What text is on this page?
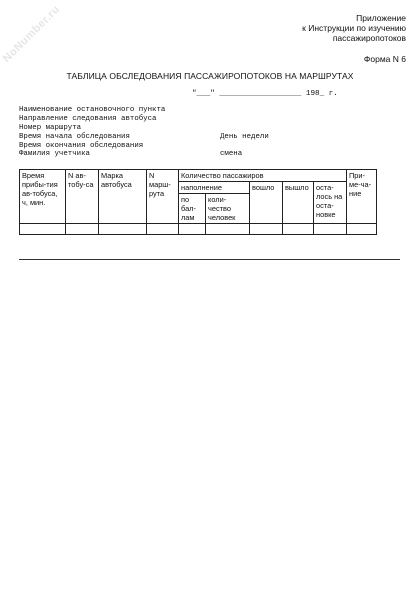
NoNumber.ru	Приложение
к Инструкции по изучению
пассажиропотоков
Форма N 6
ТАБЛИЦА ОБСЛЕДОВАНИЯ ПАССАЖИРОПОТОКОВ НА МАРШРУТАХ
"___" __________________ 198_ г.
Наименование остановочного пункта
Направление следования автобуса
Номер маршрута
Время начала обследования	День недели
Время окончания обследования
Фамилия учетчика	смена
Время прибы-тия ав-тобуса, ч, мин.	N ав-тобу-са	Марка автобуса	N марш-рута	Количество пассажиров					При-ме-ча-ние
				наполнение		вошло	вышло	оста-лось на оста-новке	
				по бал-лам	коли-чество человек				
